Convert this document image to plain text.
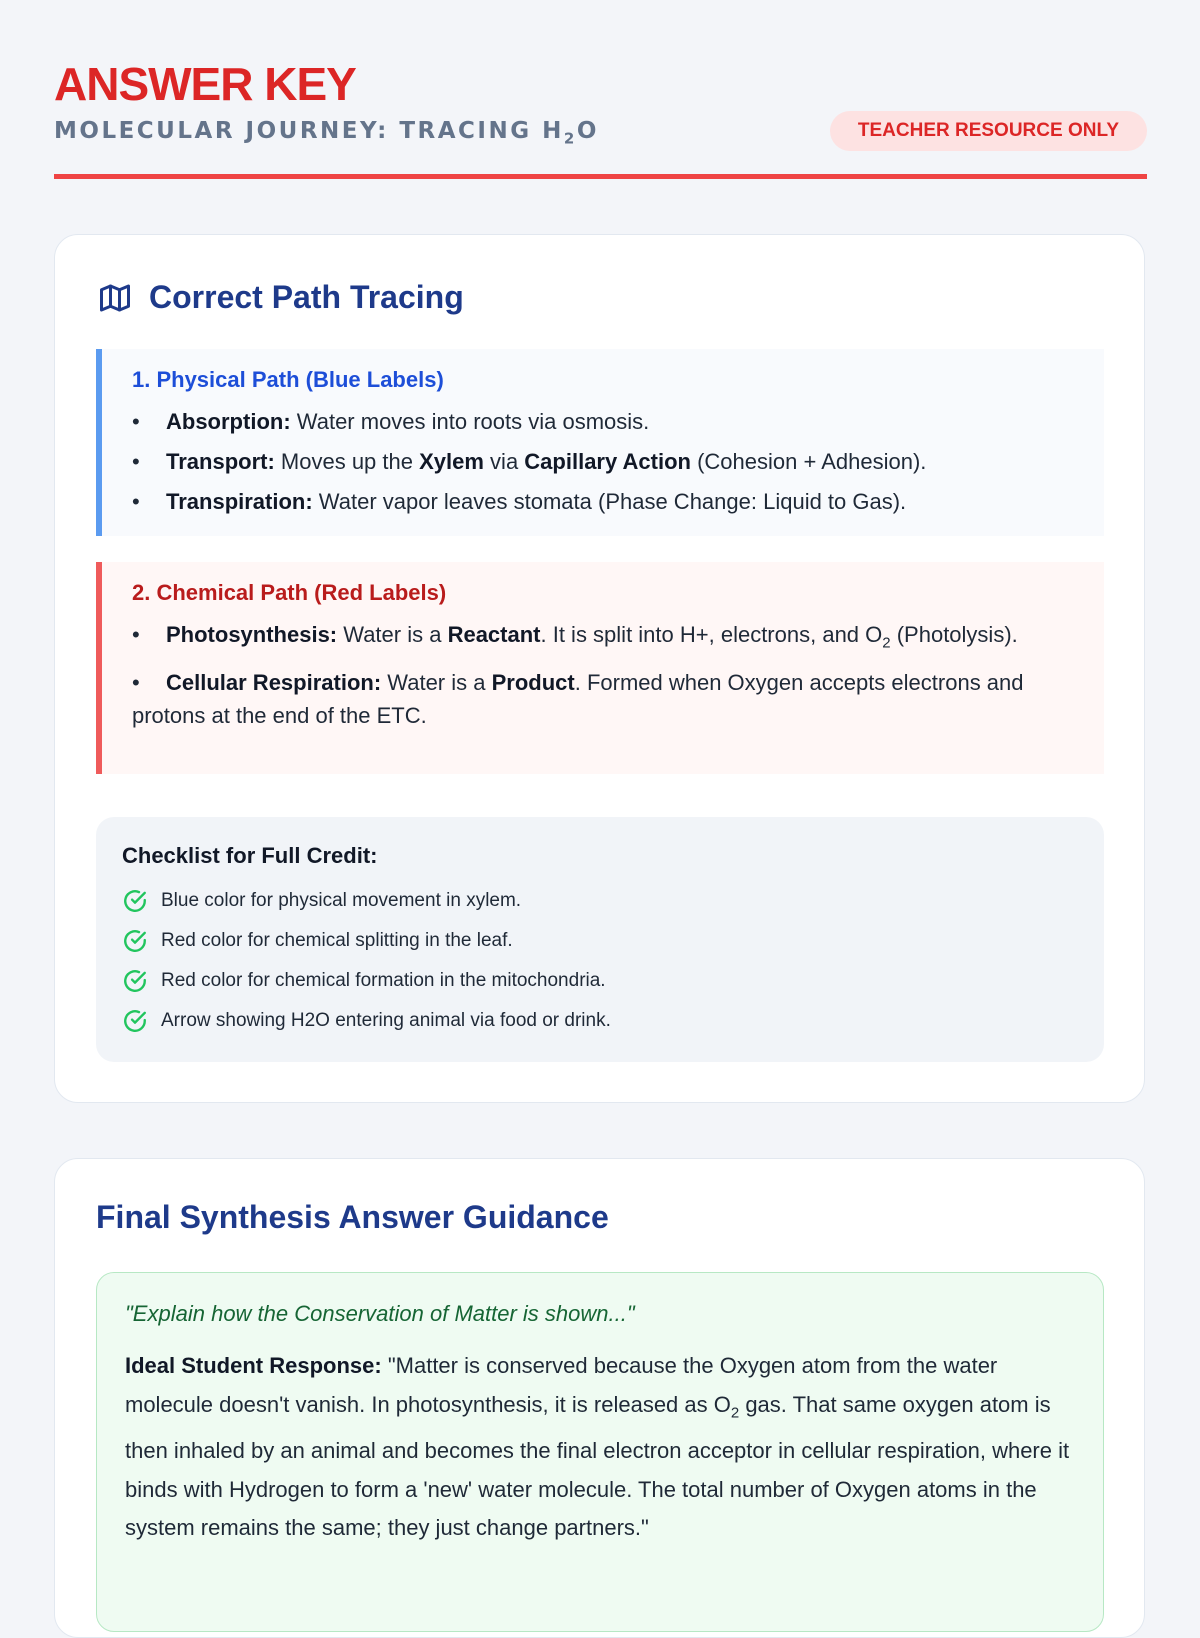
ANSWER KEY
MOLECULAR JOURNEY: TRACING $H_2O$	TEACHER RESOURCE ONLY
Correct Path Tracing
1. Physical Path (Blue Labels)
• Absorption: Water moves into roots via osmosis.
• Transport: Moves up the Xylem via Capillary Action (Cohesion + Adhesion).
• Transpiration: Water vapor leaves stomata (Phase Change: Liquid to Gas).
2. Chemical Path (Red Labels)
• Photosynthesis: Water is a Reactant. It is split into H+, electrons, and $O_2$ (Photolysis).
• Cellular Respiration: Water is a Product. Formed when Oxygen accepts electrons and protons at the end of the ETC.
Checklist for Full Credit:
Blue color for physical movement in xylem.
Red color for chemical splitting in the leaf.
Red color for chemical formation in the mitochondria.
Arrow showing H2O entering animal via food or drink.
Final Synthesis Answer Guidance

"Explain how the Conservation of Matter is shown..."

Ideal Student Response: "Matter is conserved because the Oxygen atom from the water molecule doesn't vanish. In photosynthesis, it is released as $O_2$ gas. That same oxygen atom is then inhaled by an animal and becomes the final electron acceptor in cellular respiration, where it binds with Hydrogen to form a 'new' water molecule. The total number of Oxygen atoms in the system remains the same; they just change partners."
